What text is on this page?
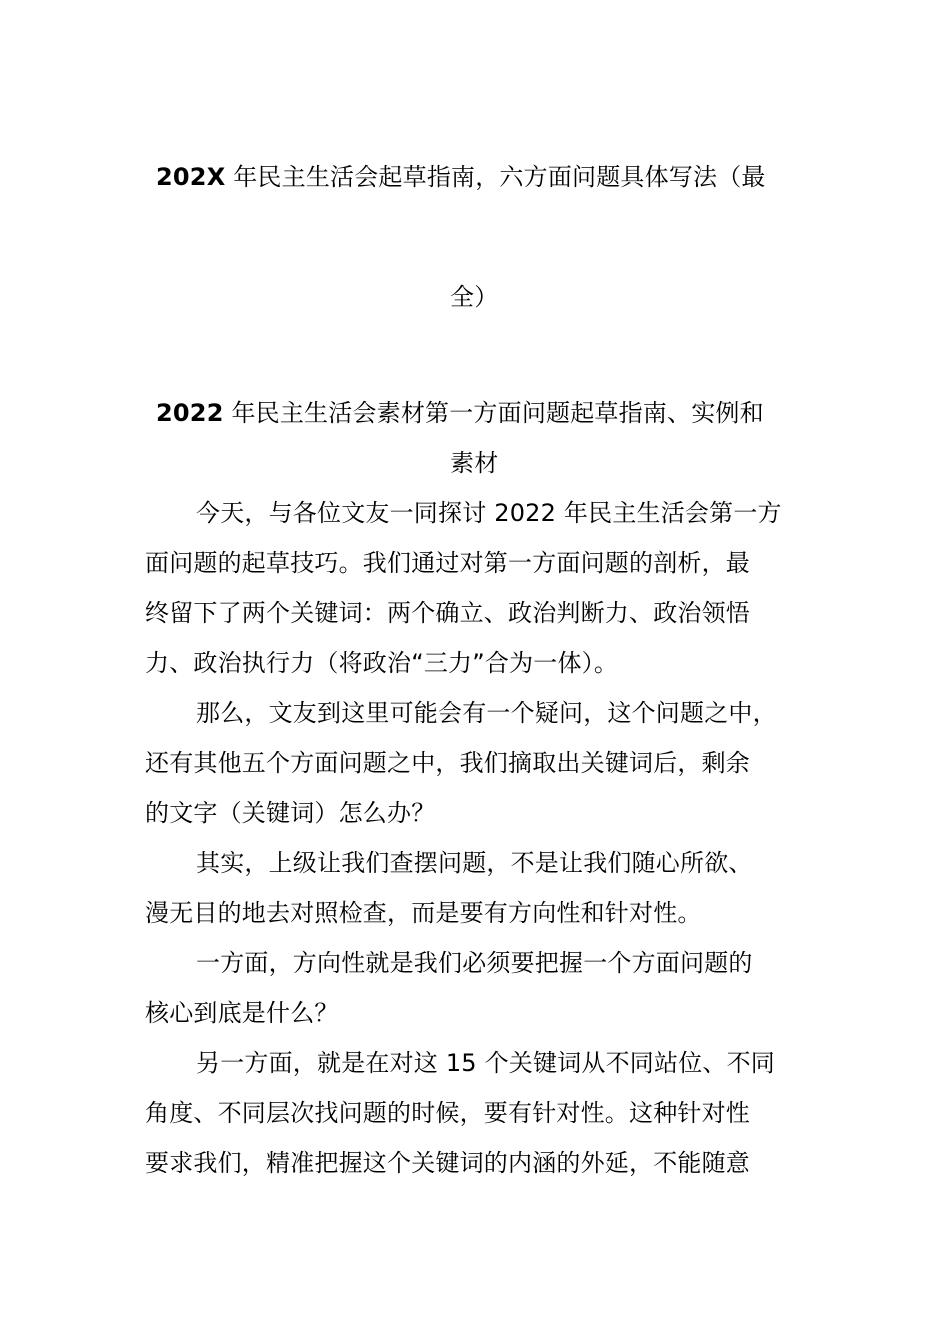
202X 年民主生活会起草指南，六方面问题具体写法（最
全）
2022 年民主生活会素材第一方面问题起草指南、实例和
素材
今天，与各位文友一同探讨 2022 年民主生活会第一方
面问题的起草技巧。我们通过对第一方面问题的剖析，最
终留下了两个关键词：两个确立、政治判断力、政治领悟
力、政治执行力（将政治“三力”合为一体）。
那么，文友到这里可能会有一个疑问，这个问题之中，
还有其他五个方面问题之中，我们摘取出关键词后，剩余
的文字（关键词）怎么办？
其实，上级让我们查摆问题，不是让我们随心所欲、
漫无目的地去对照检查，而是要有方向性和针对性。
一方面，方向性就是我们必须要把握一个方面问题的
核心到底是什么？
另一方面，就是在对这 15 个关键词从不同站位、不同
角度、不同层次找问题的时候，要有针对性。这种针对性
要求我们，精准把握这个关键词的内涵的外延，不能随意
